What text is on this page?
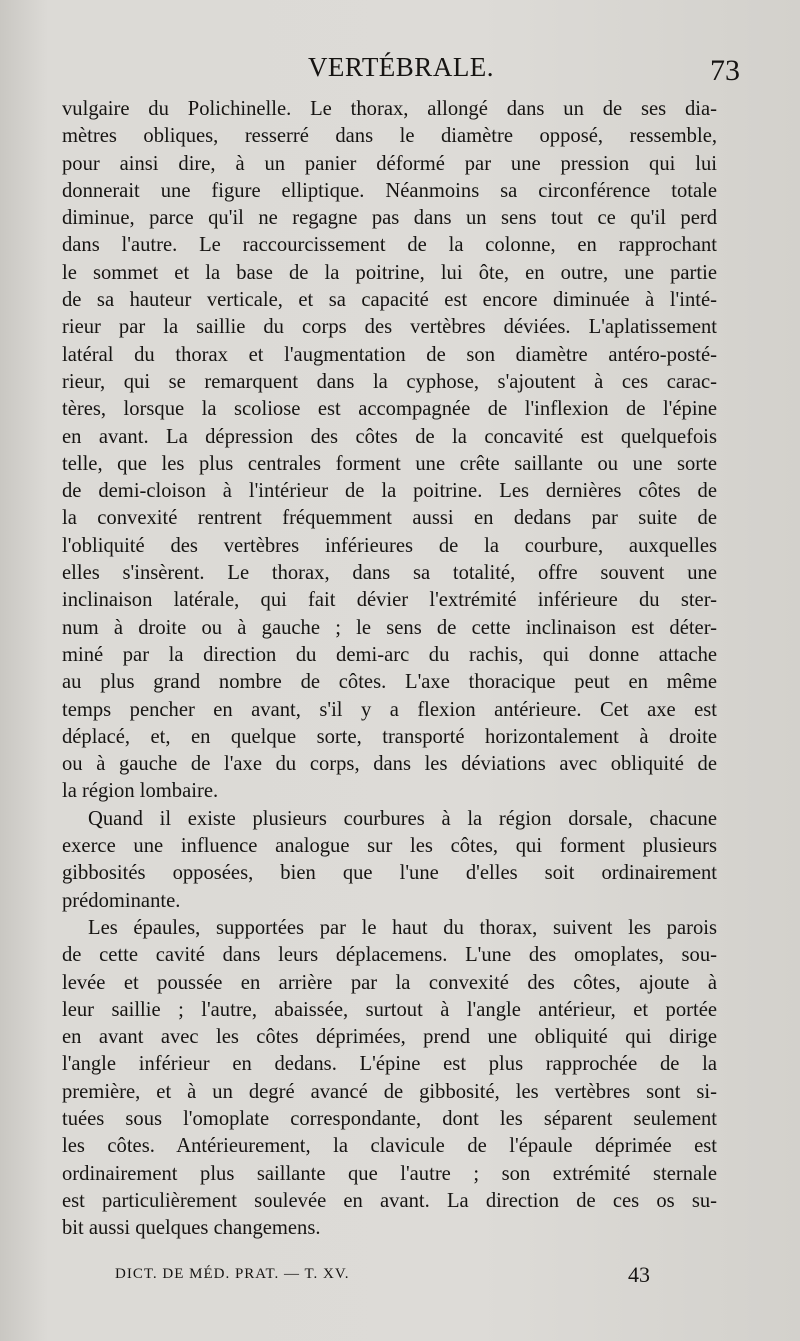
VERTÉBRALE.	73
vulgaire du Polichinelle. Le thorax, allongé dans un de ses dia-
mètres obliques, resserré dans le diamètre opposé, ressemble,
pour ainsi dire, à un panier déformé par une pression qui lui
donnerait une figure elliptique. Néanmoins sa circonférence totale
diminue, parce qu'il ne regagne pas dans un sens tout ce qu'il perd
dans l'autre. Le raccourcissement de la colonne, en rapprochant
le sommet et la base de la poitrine, lui ôte, en outre, une partie
de sa hauteur verticale, et sa capacité est encore diminuée à l'inté-
rieur par la saillie du corps des vertèbres déviées. L'aplatissement
latéral du thorax et l'augmentation de son diamètre antéro-posté-
rieur, qui se remarquent dans la cyphose, s'ajoutent à ces carac-
tères, lorsque la scoliose est accompagnée de l'inflexion de l'épine
en avant. La dépression des côtes de la concavité est quelquefois
telle, que les plus centrales forment une crête saillante ou une sorte
de demi-cloison à l'intérieur de la poitrine. Les dernières côtes de
la convexité rentrent fréquemment aussi en dedans par suite de
l'obliquité des vertèbres inférieures de la courbure, auxquelles
elles s'insèrent. Le thorax, dans sa totalité, offre souvent une
inclinaison latérale, qui fait dévier l'extrémité inférieure du ster-
num à droite ou à gauche ; le sens de cette inclinaison est déter-
miné par la direction du demi-arc du rachis, qui donne attache
au plus grand nombre de côtes. L'axe thoracique peut en même
temps pencher en avant, s'il y a flexion antérieure. Cet axe est
déplacé, et, en quelque sorte, transporté horizontalement à droite
ou à gauche de l'axe du corps, dans les déviations avec obliquité de
la région lombaire.
Quand il existe plusieurs courbures à la région dorsale, chacune
exerce une influence analogue sur les côtes, qui forment plusieurs
gibbosités opposées, bien que l'une d'elles soit ordinairement
prédominante.
Les épaules, supportées par le haut du thorax, suivent les parois
de cette cavité dans leurs déplacemens. L'une des omoplates, sou-
levée et poussée en arrière par la convexité des côtes, ajoute à
leur saillie ; l'autre, abaissée, surtout à l'angle antérieur, et portée
en avant avec les côtes déprimées, prend une obliquité qui dirige
l'angle inférieur en dedans. L'épine est plus rapprochée de la
première, et à un degré avancé de gibbosité, les vertèbres sont si-
tuées sous l'omoplate correspondante, dont les séparent seulement
les côtes. Antérieurement, la clavicule de l'épaule déprimée est
ordinairement plus saillante que l'autre ; son extrémité sternale
est particulièrement soulevée en avant. La direction de ces os su-
bit aussi quelques changemens.
DICT. DE MÉD. PRAT. — T. XV.	43
